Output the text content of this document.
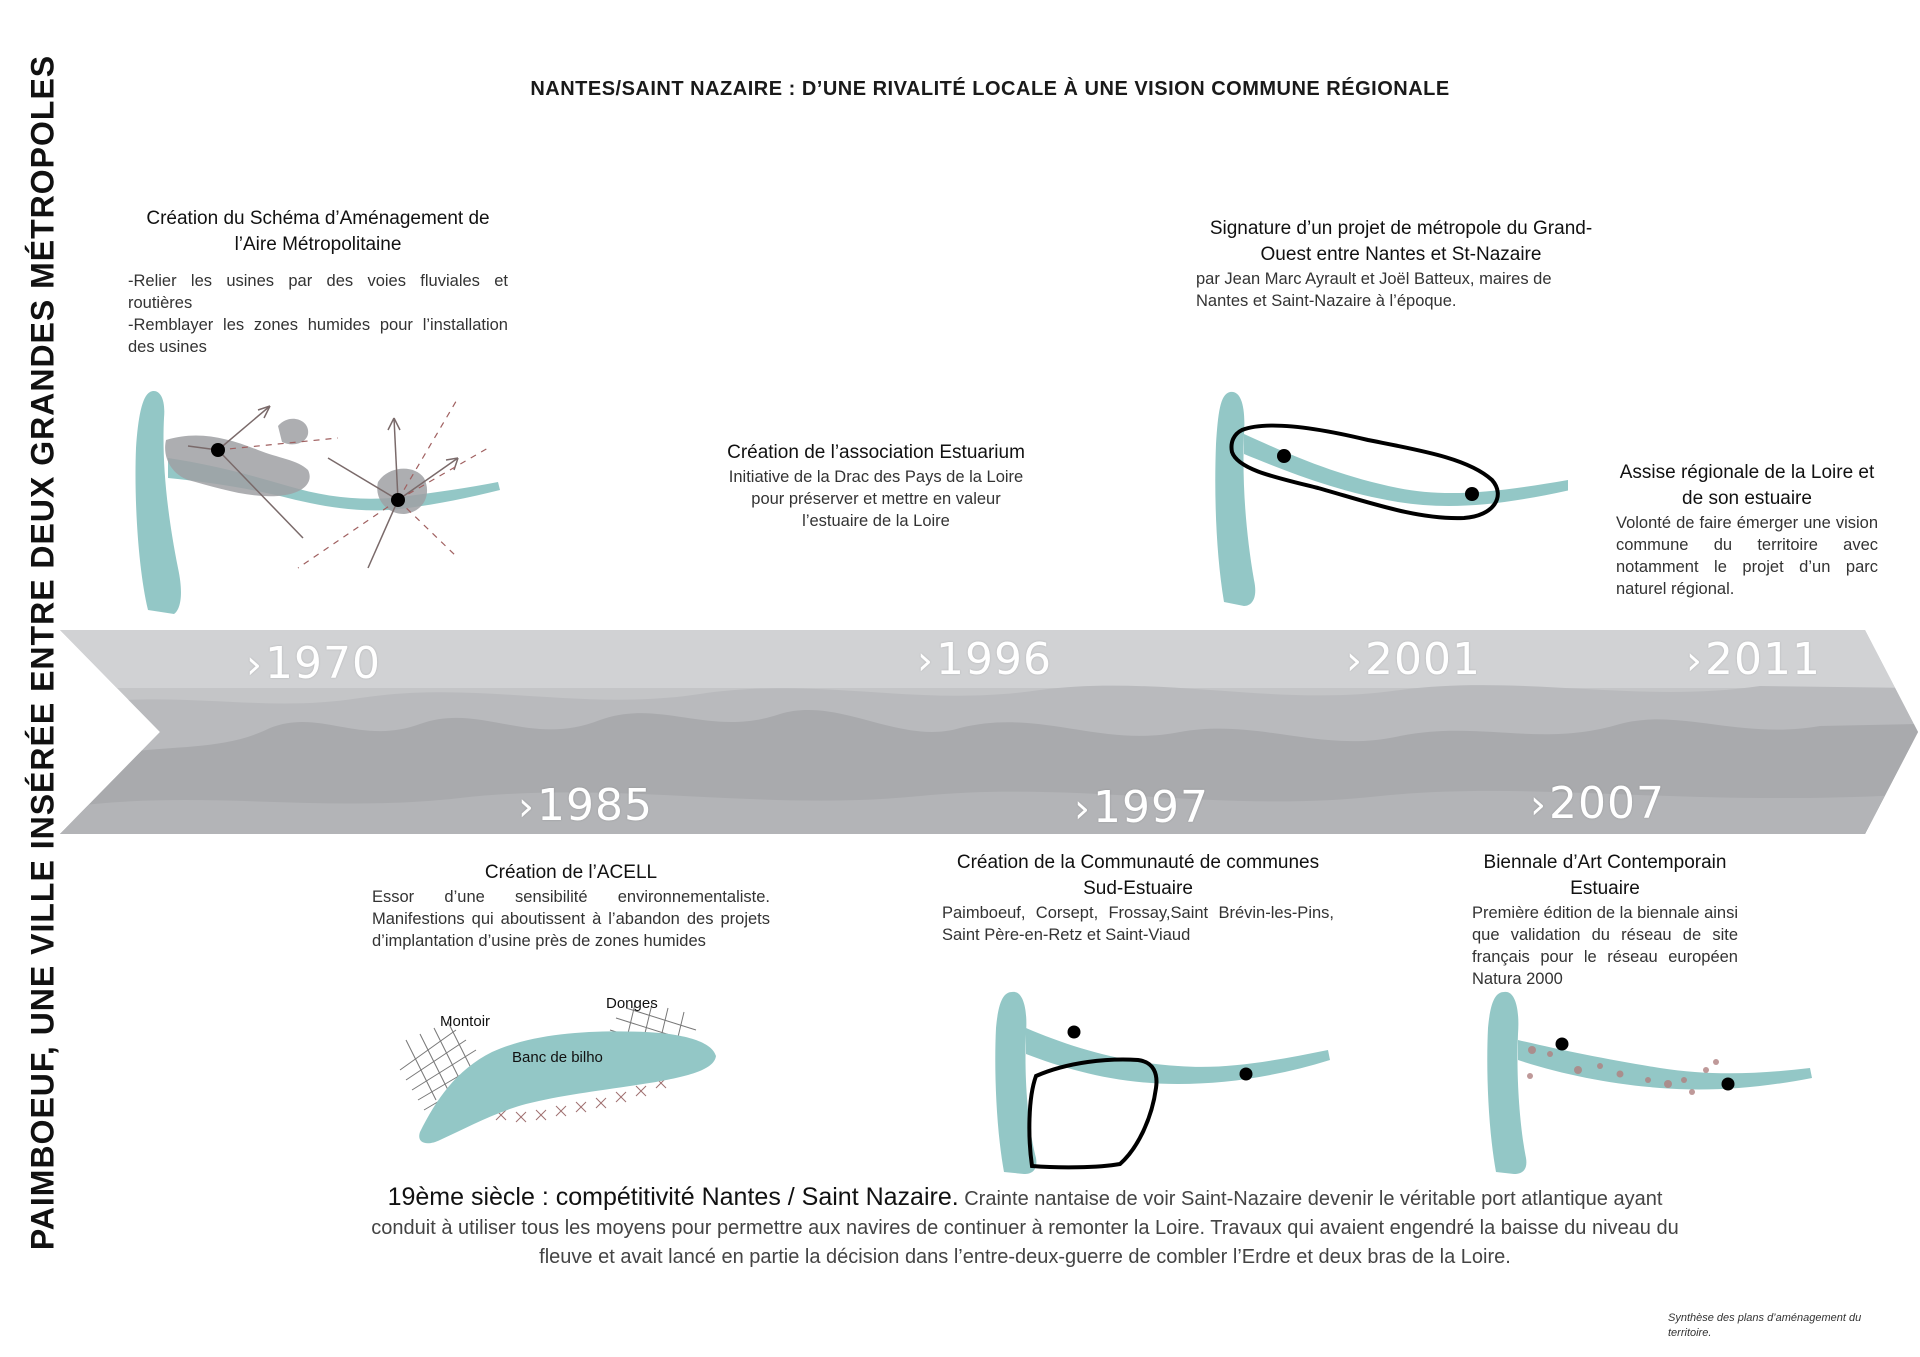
PAIMBOEUF, UNE VILLE INSÉRÉE ENTRE DEUX GRANDES MÉTROPOLES	NANTES/SAINT NAZAIRE : D’UNE RIVALITÉ LOCALE À UNE VISION COMMUNE RÉGIONALE
›1970
›1985
›1996
›1997
›2001
›2007
›2011
Création du Schéma d’Aménagement de l’Aire Métropolitaine
-Relier les usines par des voies fluviales et routières
-Remblayer les zones humides pour l’installation des usines
Création de l’association Estuarium
Initiative de la Drac des Pays de la Loire pour préserver et mettre en valeur l’estuaire de la Loire
Signature d’un projet de métropole du Grand-Ouest entre Nantes et St-Nazaire
par Jean Marc Ayrault et Joël Batteux, maires de Nantes et Saint-Nazaire à l’époque.
Assise régionale de la Loire et de son estuaire
Volonté de faire émerger une vision commune du territoire avec notamment le projet d’un parc naturel régional.
Création de l’ACELL
Essor d’une sensibilité environnementaliste. Manifestions qui aboutissent à l’abandon des projets d’implantation d’usine près de zones humides
Création de la Communauté de communes Sud-Estuaire
Paimboeuf, Corsept, Frossay,Saint Brévin-les-Pins, Saint Père-en-Retz et Saint-Viaud
Biennale d’Art Contemporain Estuaire
Première édition de la biennale ainsi que validation du réseau de site français pour le réseau européen Natura 2000
Montoir
Donges
Banc de bilho
19ème siècle : compétitivité Nantes / Saint Nazaire. Crainte nantaise de voir Saint-Nazaire devenir le véritable port atlantique ayant conduit à utiliser tous les moyens pour permettre aux navires de continuer à remonter la Loire. Travaux qui avaient engendré la baisse du niveau du fleuve et avait lancé en partie la décision dans l’entre-deux-guerre de combler l’Erdre et deux bras de la Loire.
Synthèse des plans d’aménagement du territoire.
